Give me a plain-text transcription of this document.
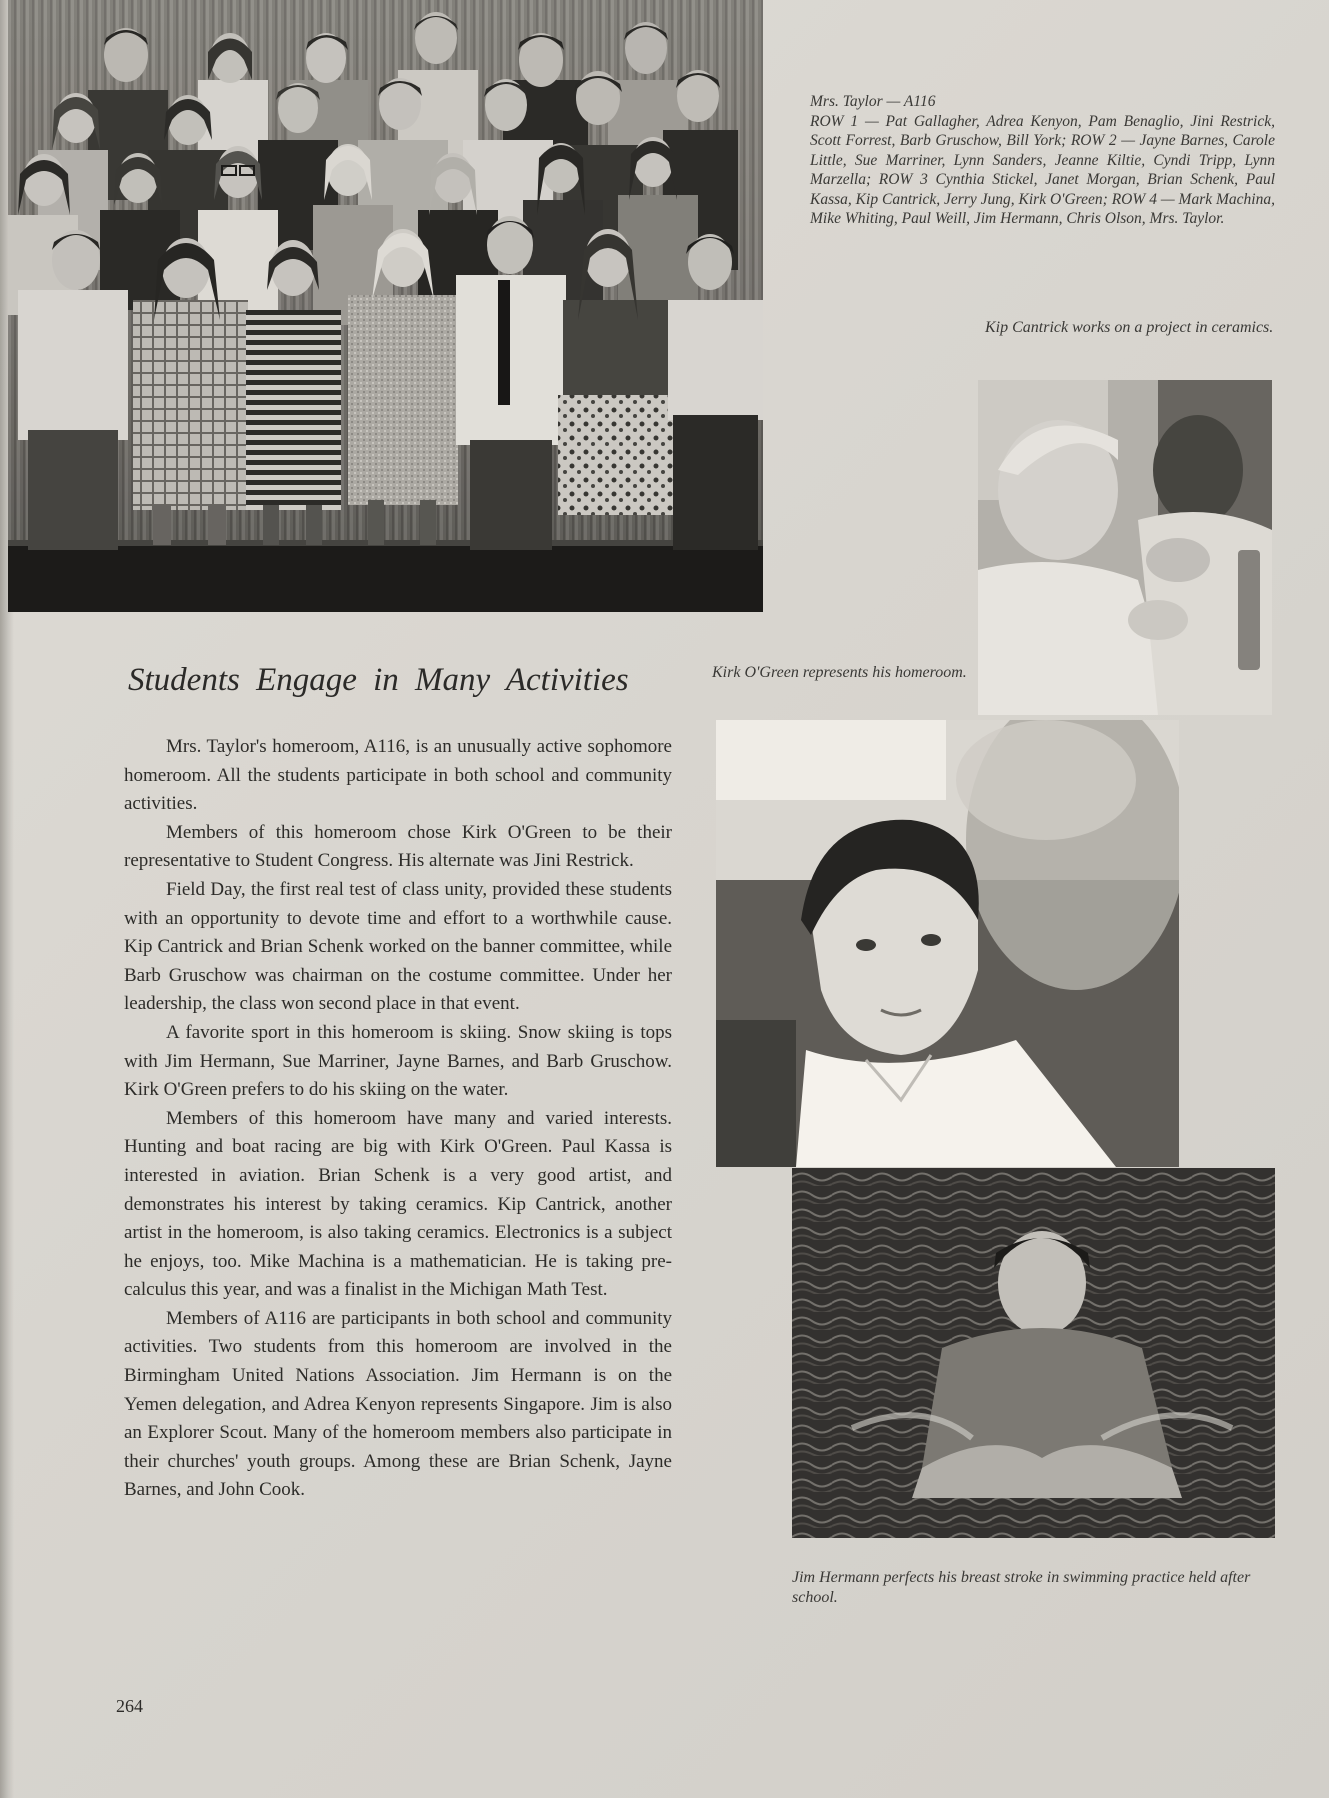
Mrs. Taylor — A116
ROW 1 — Pat Gallagher, Adrea Kenyon, Pam Benaglio, Jini Restrick, Scott Forrest, Barb Gruschow, Bill York; ROW 2 — Jayne Barnes, Carole Little, Sue Marriner, Lynn Sanders, Jeanne Kiltie, Cyndi Tripp, Lynn Marzella; ROW 3 Cynthia Stickel, Janet Morgan, Brian Schenk, Paul Kassa, Kip Cantrick, Jerry Jung, Kirk O'Green; ROW 4 — Mark Machina, Mike Whiting, Paul Weill, Jim Hermann, Chris Olson, Mrs. Taylor.
Kip Cantrick works on a project in ceramics.
Kirk O'Green represents his homeroom.
Jim Hermann perfects his breast stroke in swimming practice held after school.
Students Engage in Many Activities

Mrs. Taylor's homeroom, A116, is an unusually active sophomore homeroom. All the students participate in both school and community activities.

Members of this homeroom chose Kirk O'Green to be their representative to Student Congress. His alternate was Jini Restrick.

Field Day, the first real test of class unity, provided these students with an opportunity to devote time and effort to a worthwhile cause. Kip Cantrick and Brian Schenk worked on the banner committee, while Barb Gruschow was chairman on the costume committee. Under her leadership, the class won second place in that event.

A favorite sport in this homeroom is skiing. Snow skiing is tops with Jim Hermann, Sue Marriner, Jayne Barnes, and Barb Gruschow. Kirk O'Green prefers to do his skiing on the water.

Members of this homeroom have many and varied interests. Hunting and boat racing are big with Kirk O'Green. Paul Kassa is interested in aviation. Brian Schenk is a very good artist, and demonstrates his interest by taking ceramics. Kip Cantrick, another artist in the homeroom, is also taking ceramics. Electronics is a subject he enjoys, too. Mike Machina is a mathematician. He is taking pre-calculus this year, and was a finalist in the Michigan Math Test.

Members of A116 are participants in both school and community activities. Two students from this homeroom are involved in the Birmingham United Nations Association. Jim Hermann is on the Yemen delegation, and Adrea Kenyon represents Singapore. Jim is also an Explorer Scout. Many of the homeroom members also participate in their churches' youth groups. Among these are Brian Schenk, Jayne Barnes, and John Cook.

264
